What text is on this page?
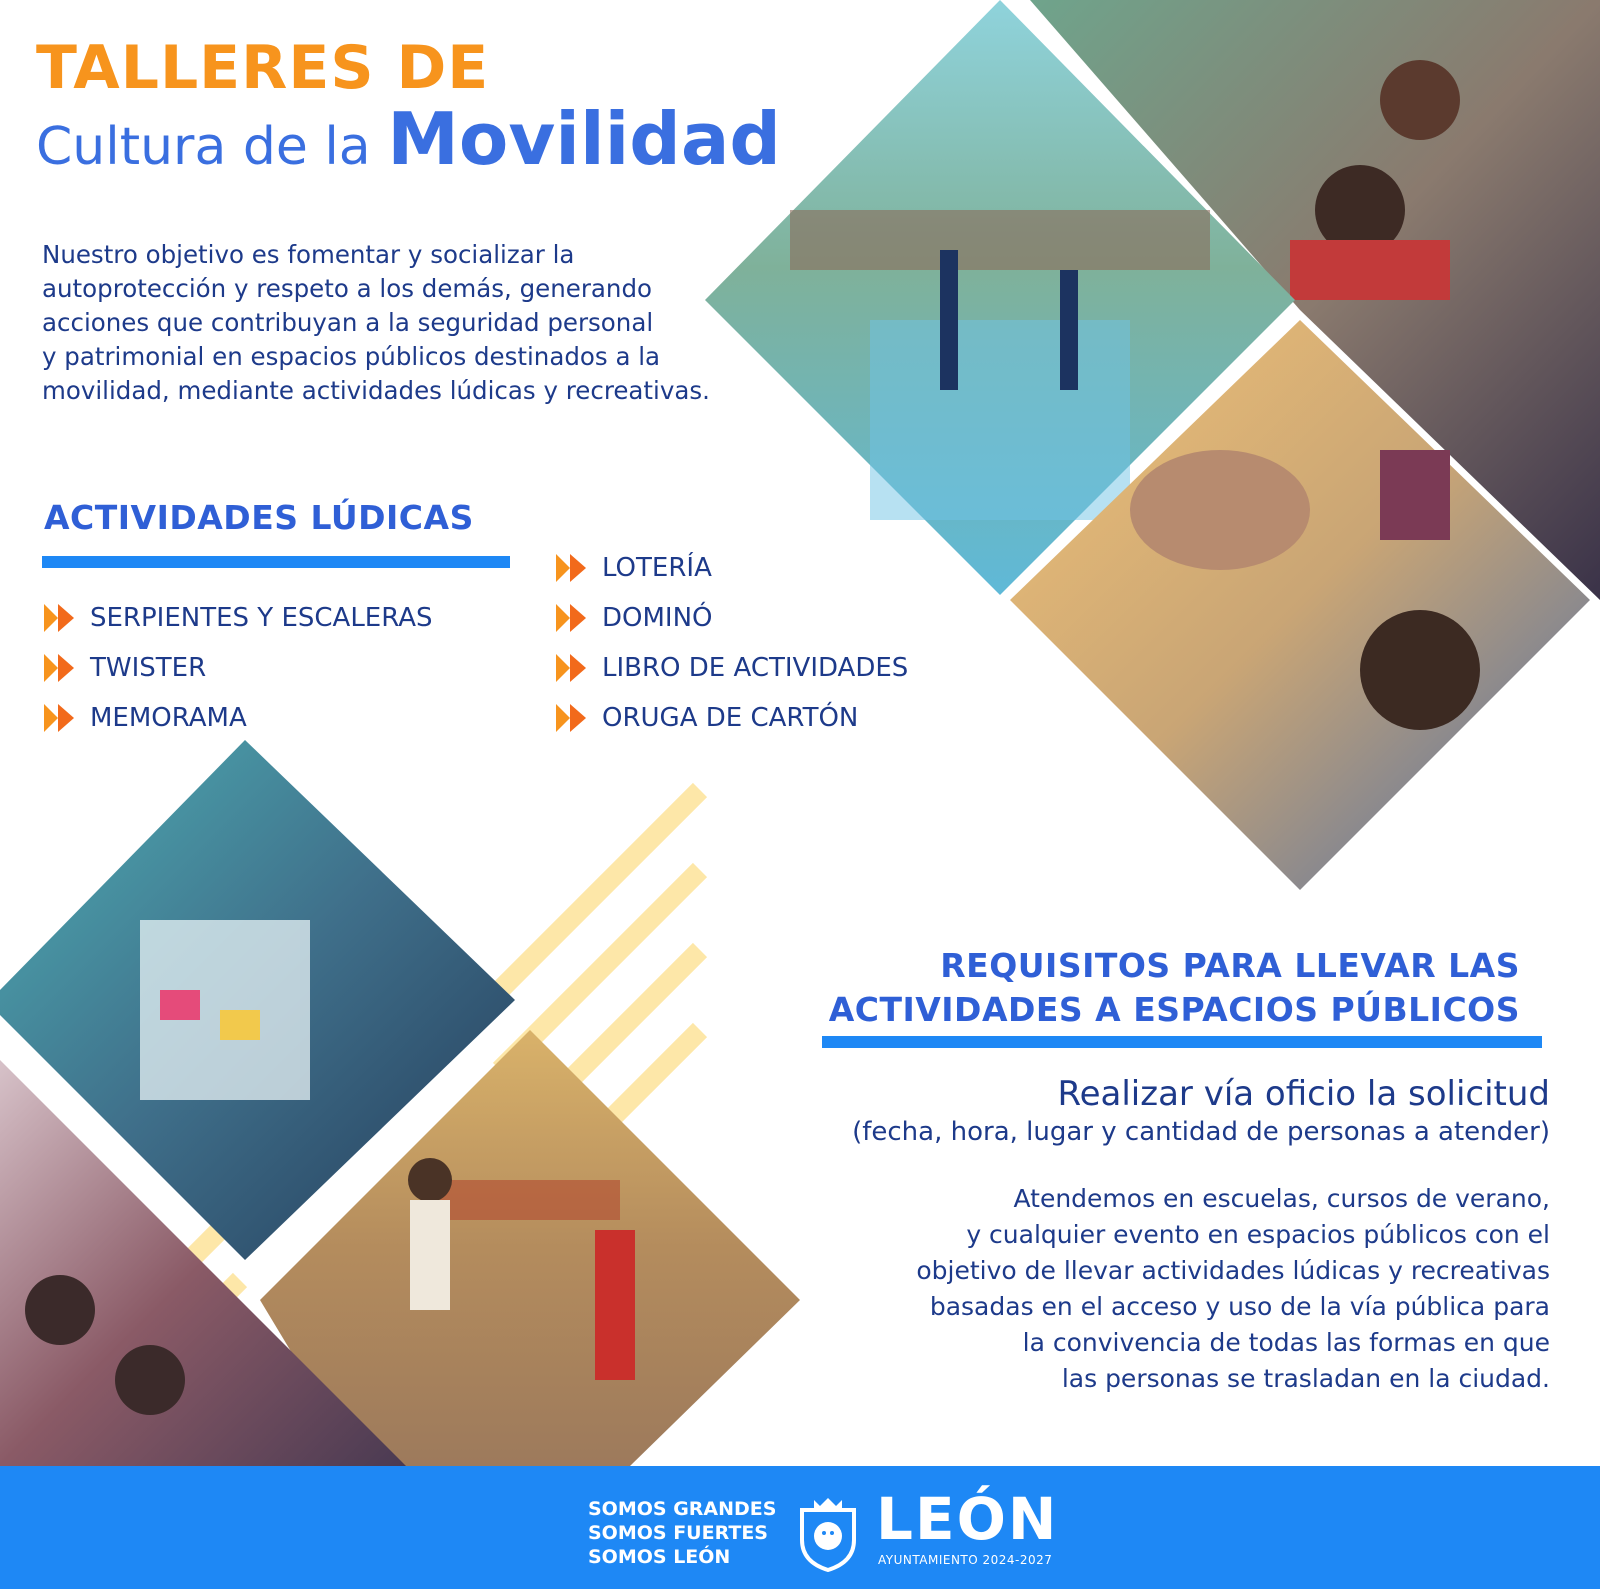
TALLERES DE
Cultura de la Movilidad
Nuestro objetivo es fomentar y socializar la
autoprotección y respeto a los demás, generando
acciones que contribuyan a la seguridad personal
y patrimonial en espacios públicos destinados a la
movilidad, mediante actividades lúdicas y recreativas.
ACTIVIDADES LÚDICAS
SERPIENTES Y ESCALERAS
TWISTER
MEMORAMA
LOTERÍA
DOMINÓ
LIBRO DE ACTIVIDADES
ORUGA DE CARTÓN
REQUISITOS PARA LLEVAR LAS
ACTIVIDADES A ESPACIOS PÚBLICOS
Realizar vía oficio la solicitud
(fecha, hora, lugar y cantidad de personas a atender)
Atendemos en escuelas, cursos de verano,
y cualquier evento en espacios públicos con el
objetivo de llevar actividades lúdicas y recreativas
basadas en el acceso y uso de la vía pública para
la convivencia de todas las formas en que
las personas se trasladan en la ciudad.
SOMOS GRANDES
SOMOS FUERTES
SOMOS LEÓN
LEÓN
AYUNTAMIENTO 2024-2027
